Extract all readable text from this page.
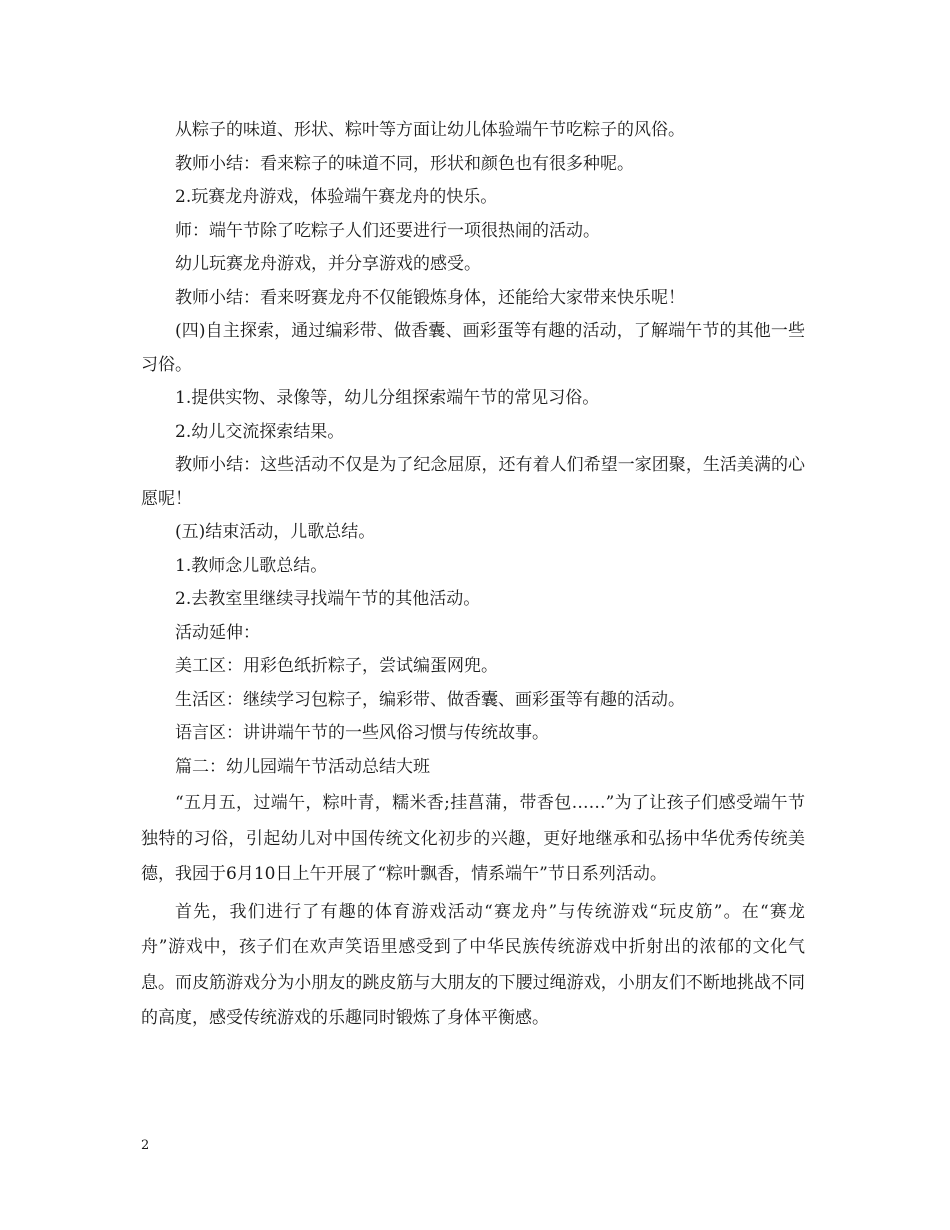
从粽子的味道、形状、粽叶等方面让幼儿体验端午节吃粽子的风俗。

教师小结：看来粽子的味道不同，形状和颜色也有很多种呢。

2.玩赛龙舟游戏，体验端午赛龙舟的快乐。

师：端午节除了吃粽子人们还要进行一项很热闹的活动。

幼儿玩赛龙舟游戏，并分享游戏的感受。

教师小结：看来呀赛龙舟不仅能锻炼身体，还能给大家带来快乐呢！

(四)自主探索，通过编彩带、做香囊、画彩蛋等有趣的活动，了解端午节的其他一些习俗。

1.提供实物、录像等，幼儿分组探索端午节的常见习俗。

2.幼儿交流探索结果。

教师小结：这些活动不仅是为了纪念屈原，还有着人们希望一家团聚，生活美满的心愿呢！

(五)结束活动，儿歌总结。

1.教师念儿歌总结。

2.去教室里继续寻找端午节的其他活动。

活动延伸：

美工区：用彩色纸折粽子，尝试编蛋网兜。

生活区：继续学习包粽子，编彩带、做香囊、画彩蛋等有趣的活动。

语言区：讲讲端午节的一些风俗习惯与传统故事。

篇二：幼儿园端午节活动总结大班

“五月五，过端午，粽叶青，糯米香;挂菖蒲，带香包……”为了让孩子们感受端午节独特的习俗，引起幼儿对中国传统文化初步的兴趣，更好地继承和弘扬中华优秀传统美德，我园于6月10日上午开展了“粽叶飘香，情系端午”节日系列活动。

首先，我们进行了有趣的体育游戏活动“赛龙舟”与传统游戏“玩皮筋”。在“赛龙舟”游戏中，孩子们在欢声笑语里感受到了中华民族传统游戏中折射出的浓郁的文化气息。而皮筋游戏分为小朋友的跳皮筋与大朋友的下腰过绳游戏，小朋友们不断地挑战不同的高度，感受传统游戏的乐趣同时锻炼了身体平衡感。

2
